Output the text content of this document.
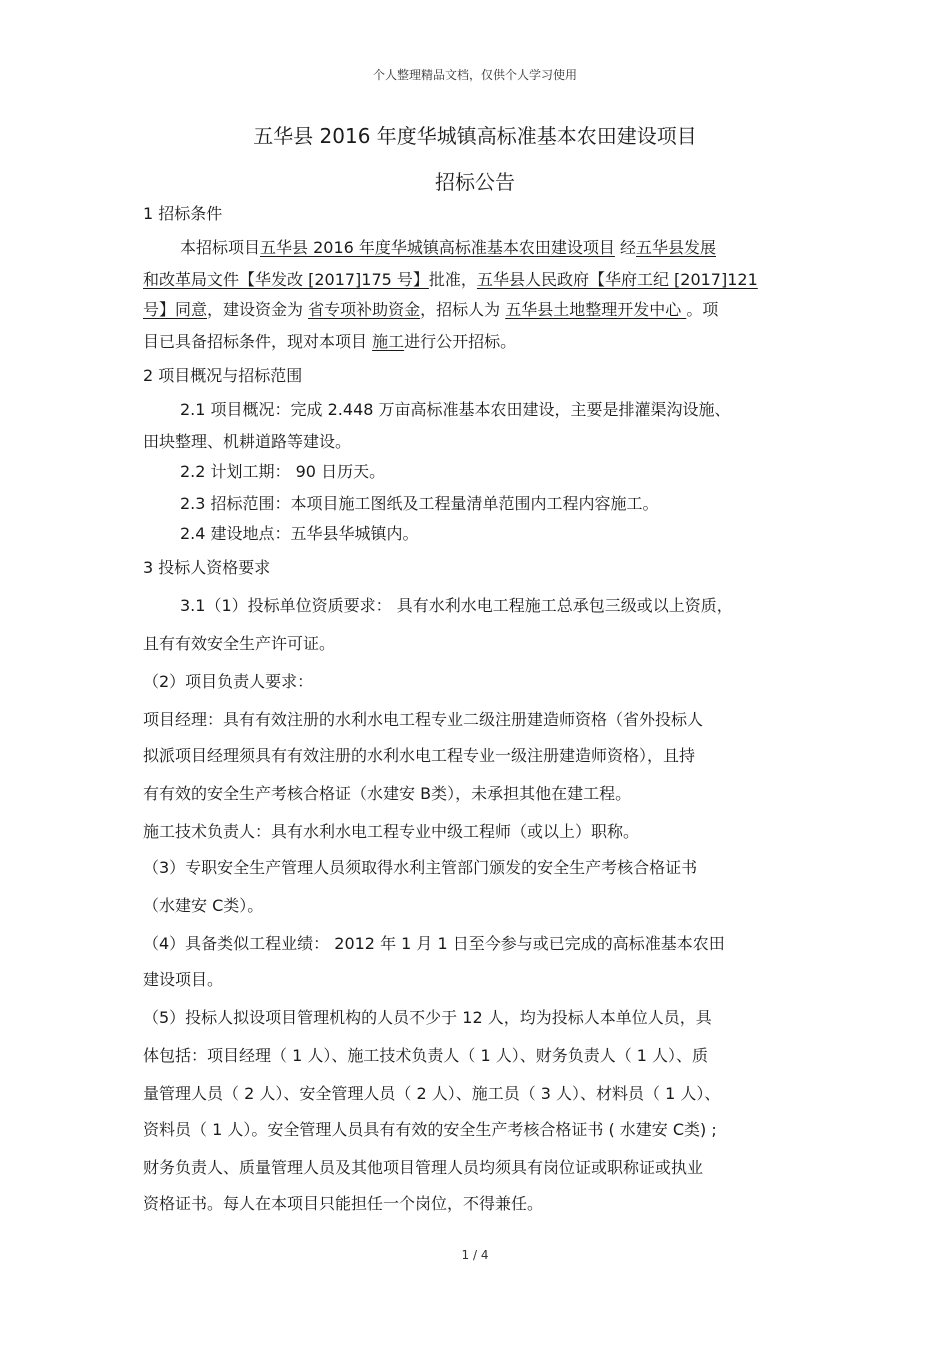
个人整理精品文档，仅供个人学习使用
五华县 2016 年度华城镇高标准基本农田建设项目
招标公告
1 招标条件
本招标项目五华县 2016 年度华城镇高标准基本农田建设项目 经五华县发展
和改革局文件【华发改 [2017]175 号】批准，五华县人民政府【华府工纪 [2017]121
号】同意，建设资金为 省专项补助资金，招标人为 五华县土地整理开发中心 。项
目已具备招标条件，现对本项目 施工进行公开招标。
2 项目概况与招标范围
2.1 项目概况：完成 2.448 万亩高标准基本农田建设，主要是排灌渠沟设施、
田块整理、机耕道路等建设。
2.2 计划工期： 90 日历天。
2.3 招标范围：本项目施工图纸及工程量清单范围内工程内容施工。
2.4 建设地点：五华县华城镇内。
3 投标人资格要求
3.1（1）投标单位资质要求： 具有水利水电工程施工总承包三级或以上资质，
且有有效安全生产许可证。
（2）项目负责人要求：
项目经理：具有有效注册的水利水电工程专业二级注册建造师资格（省外投标人
拟派项目经理须具有有效注册的水利水电工程专业一级注册建造师资格），且持
有有效的安全生产考核合格证（水建安 B类），未承担其他在建工程。
施工技术负责人：具有水利水电工程专业中级工程师（或以上）职称。
（3）专职安全生产管理人员须取得水利主管部门颁发的安全生产考核合格证书
（水建安 C类）。
（4）具备类似工程业绩： 2012 年 1 月 1 日至今参与或已完成的高标准基本农田
建设项目。
（5）投标人拟设项目管理机构的人员不少于 12 人，均为投标人本单位人员，具
体包括：项目经理（ 1 人）、施工技术负责人（ 1 人）、财务负责人（ 1 人）、质
量管理人员（ 2 人）、安全管理人员（ 2 人）、施工员（ 3 人）、材料员（ 1 人）、
资料员（ 1 人）。安全管理人员具有有效的安全生产考核合格证书 ( 水建安 C类) ;
财务负责人、质量管理人员及其他项目管理人员均须具有岗位证或职称证或执业
资格证书。每人在本项目只能担任一个岗位，不得兼任。
1 / 4
